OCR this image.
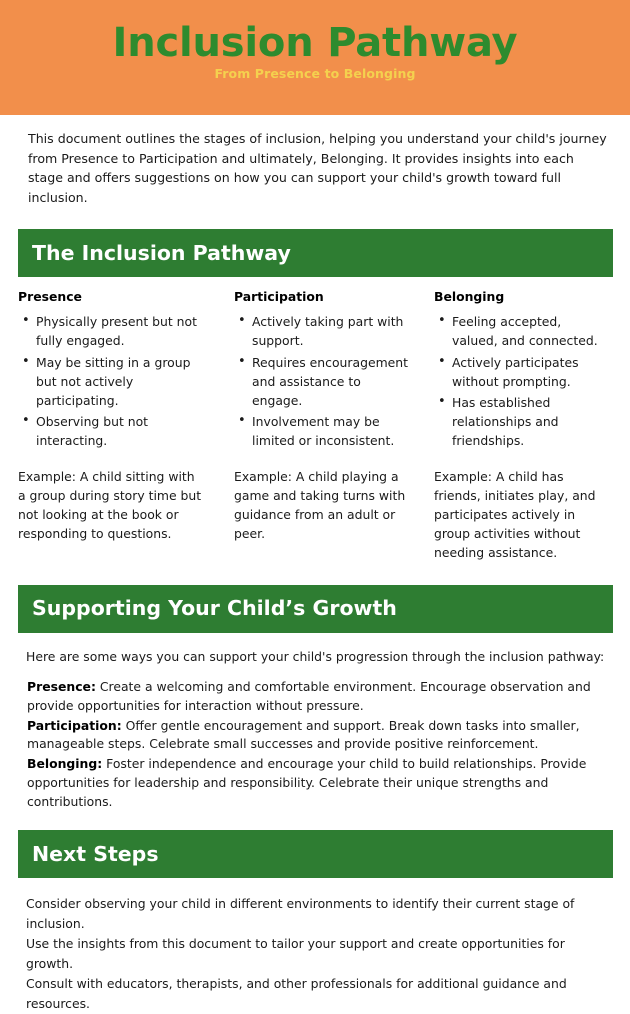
Inclusion Pathway
From Presence to Belonging

This document outlines the stages of inclusion, helping you understand your child's journey from Presence to Participation and ultimately, Belonging. It provides insights into each stage and offers suggestions on how you can support your child's growth toward full inclusion.

The Inclusion Pathway
Presence
• Physically present but not fully engaged.
• May be sitting in a group but not actively participating.
• Observing but not interacting.
Participation
• Actively taking part with support.
• Requires encouragement and assistance to engage.
• Involvement may be limited or inconsistent.
Belonging
• Feeling accepted, valued, and connected.
• Actively participates without prompting.
• Has established relationships and friendships.
Example: A child sitting with a group during story time but not looking at the book or responding to questions.
Example: A child playing a game and taking turns with guidance from an adult or peer.
Example: A child has friends, initiates play, and participates actively in group activities without needing assistance.
Supporting Your Child’s Growth

Here are some ways you can support your child's progression through the inclusion pathway:

Presence: Create a welcoming and comfortable environment. Encourage observation and provide opportunities for interaction without pressure.
Participation: Offer gentle encouragement and support. Break down tasks into smaller, manageable steps. Celebrate small successes and provide positive reinforcement.
Belonging: Foster independence and encourage your child to build relationships. Provide opportunities for leadership and responsibility. Celebrate their unique strengths and contributions.
Next Steps
Consider observing your child in different environments to identify their current stage of inclusion.
Use the insights from this document to tailor your support and create opportunities for growth.
Consult with educators, therapists, and other professionals for additional guidance and resources.
